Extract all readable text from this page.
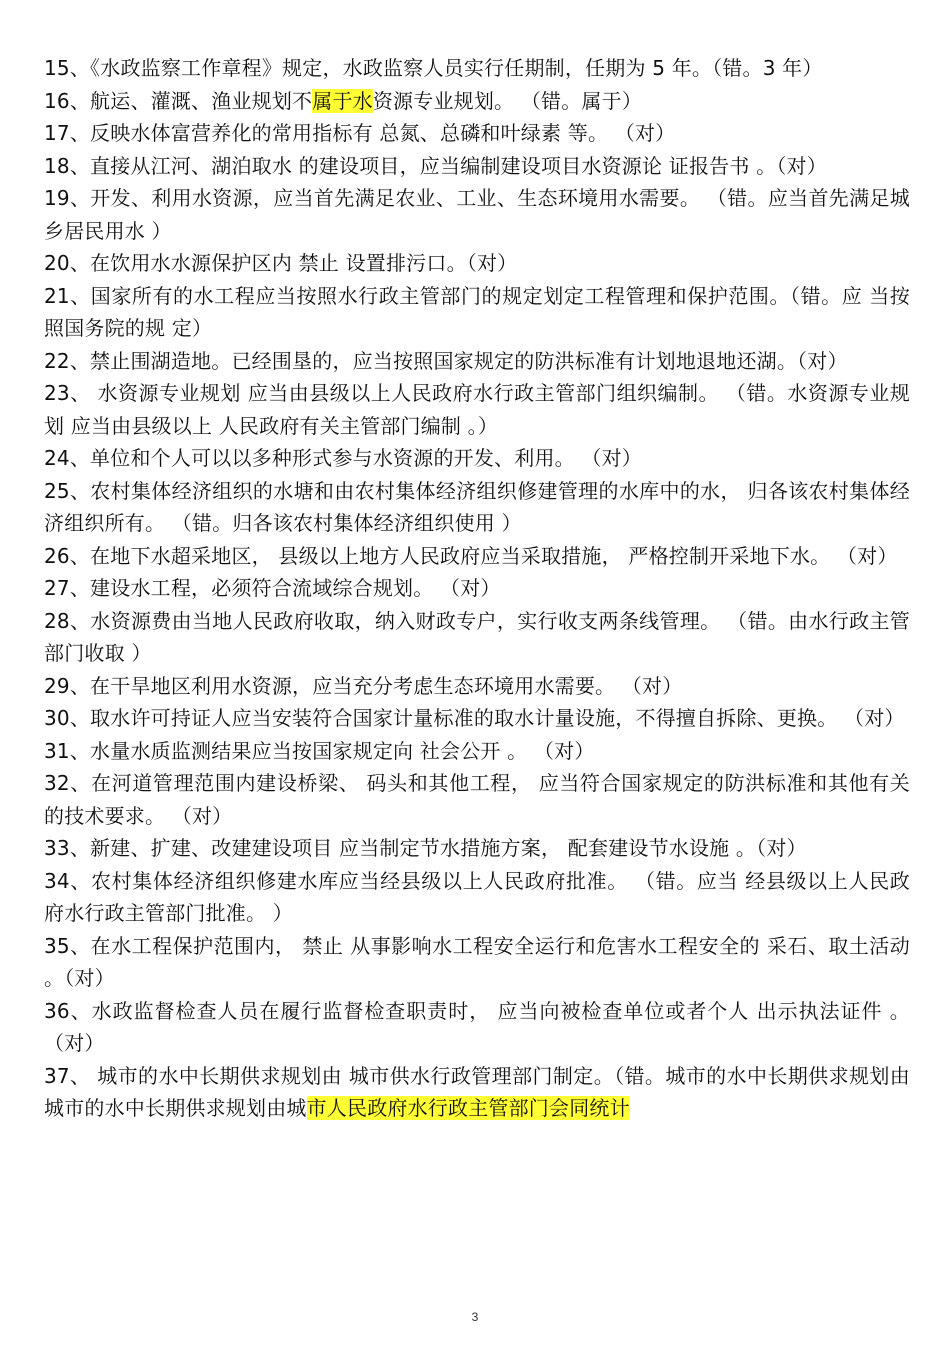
15、《水政监察工作章程》规定，水政监察人员实行任期制，任期为 5 年。（错。3 年）

16、航运、灌溉、渔业规划不属于水资源专业规划。 （错。属于）

17、反映水体富营养化的常用指标有 总氮、总磷和叶绿素 等。 （对）

18、直接从江河、湖泊取水 的建设项目，应当编制建设项目水资源论 证报告书 。（对）

19、开发、利用水资源，应当首先满足农业、工业、生态环境用水需要。 （错。应当首先满足城乡居民用水 ）

20、在饮用水水源保护区内 禁止 设置排污口。（对）

21、国家所有的水工程应当按照水行政主管部门的规定划定工程管理和保护范围。（错。应 当按照国务院的规 定）

22、禁止围湖造地。已经围垦的，应当按照国家规定的防洪标准有计划地退地还湖。（对）

23、 水资源专业规划 应当由县级以上人民政府水行政主管部门组织编制。 （错。水资源专业规划 应当由县级以上 人民政府有关主管部门编制 。）

24、单位和个人可以以多种形式参与水资源的开发、利用。 （对）

25、农村集体经济组织的水塘和由农村集体经济组织修建管理的水库中的水， 归各该农村集体经济组织所有。 （错。归各该农村集体经济组织使用 ）

26、在地下水超采地区， 县级以上地方人民政府应当采取措施， 严格控制开采地下水。 （对）

27、建设水工程，必须符合流域综合规划。 （对）

28、水资源费由当地人民政府收取，纳入财政专户，实行收支两条线管理。 （错。由水行政主管部门收取 ）

29、在干旱地区利用水资源，应当充分考虑生态环境用水需要。 （对）

30、取水许可持证人应当安装符合国家计量标准的取水计量设施，不得擅自拆除、更换。 （对）

31、水量水质监测结果应当按国家规定向 社会公开 。 （对）

32、在河道管理范围内建设桥梁、 码头和其他工程， 应当符合国家规定的防洪标准和其他有关的技术要求。 （对）

33、新建、扩建、改建建设项目 应当制定节水措施方案， 配套建设节水设施 。（对）

34、农村集体经济组织修建水库应当经县级以上人民政府批准。 （错。应当 经县级以上人民政府水行政主管部门批准。 ）

35、在水工程保护范围内， 禁止 从事影响水工程安全运行和危害水工程安全的 采石、取土活动 。（对）

36、水政监督检查人员在履行监督检查职责时， 应当向被检查单位或者个人 出示执法证件 。 （对）

37、 城市的水中长期供求规划由 城市供水行政管理部门制定。（错。城市的水中长期供求规划由城市的水中长期供求规划由城市人民政府水行政主管部门会同统计

3
